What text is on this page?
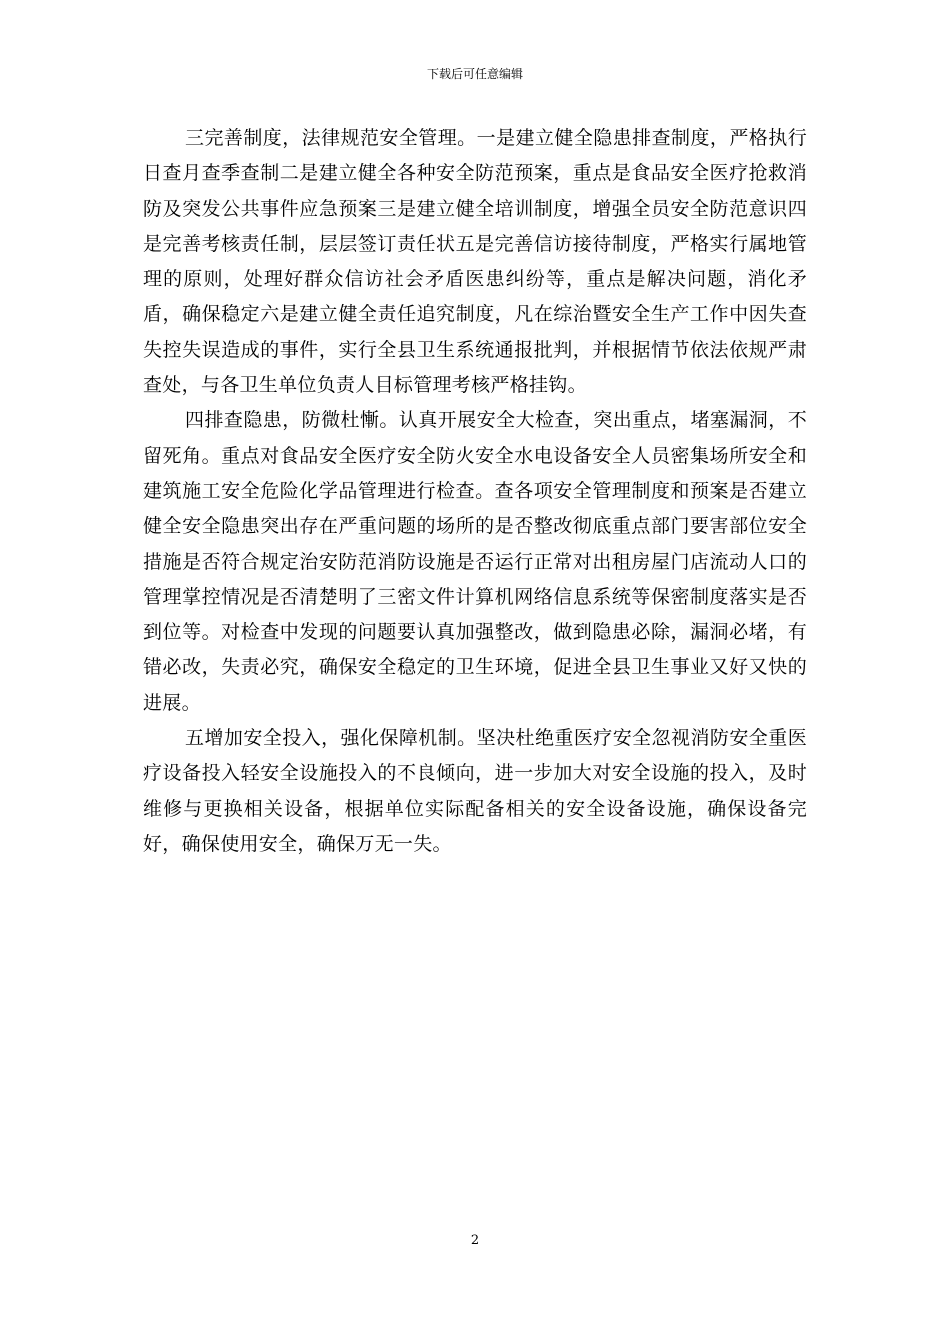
下载后可任意编辑

三完善制度，法律规范安全管理。一是建立健全隐患排查制度，严格执行日查月查季查制二是建立健全各种安全防范预案，重点是食品安全医疗抢救消防及突发公共事件应急预案三是建立健全培训制度，增强全员安全防范意识四是完善考核责任制，层层签订责任状五是完善信访接待制度，严格实行属地管理的原则，处理好群众信访社会矛盾医患纠纷等，重点是解决问题，消化矛盾，确保稳定六是建立健全责任追究制度，凡在综治暨安全生产工作中因失查失控失误造成的事件，实行全县卫生系统通报批判，并根据情节依法依规严肃查处，与各卫生单位负责人目标管理考核严格挂钩。

四排查隐患，防微杜慚。认真开展安全大检查，突出重点，堵塞漏洞，不留死角。重点对食品安全医疗安全防火安全水电设备安全人员密集场所安全和建筑施工安全危险化学品管理进行检查。查各项安全管理制度和预案是否建立健全安全隐患突出存在严重问题的场所的是否整改彻底重点部门要害部位安全措施是否符合规定治安防范消防设施是否运行正常对出租房屋门店流动人口的管理掌控情况是否清楚明了三密文件计算机网络信息系统等保密制度落实是否到位等。对检查中发现的问题要认真加强整改，做到隐患必除，漏洞必堵，有错必改，失责必究，确保安全稳定的卫生环境，促进全县卫生事业又好又快的进展。

五增加安全投入，强化保障机制。坚决杜绝重医疗安全忽视消防安全重医疗设备投入轻安全设施投入的不良倾向，进一步加大对安全设施的投入，及时维修与更换相关设备，根据单位实际配备相关的安全设备设施，确保设备完好，确保使用安全，确保万无一失。

2
